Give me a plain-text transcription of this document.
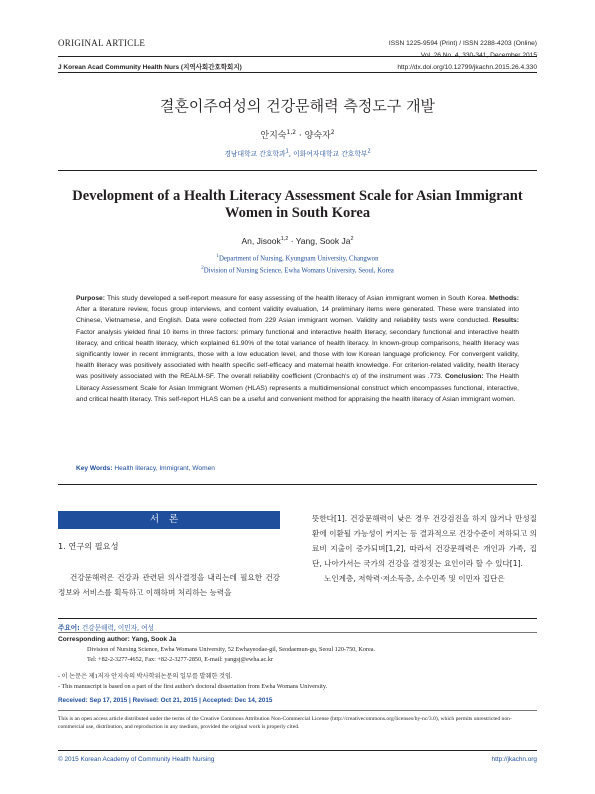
ORIGINAL ARTICLE
J Korean Acad Community Health Nurs (지역사회간호학회지)
ISSN 1225-9594 (Print) / ISSN 2288-4203 (Online)
Vol. 26 No. 4, 330-341, December 2015
http://dx.doi.org/10.12799/jkachn.2015.26.4.330
결혼이주여성의 건강문해력 측정도구 개발
안지숙$^{1,2}$ · 양숙자$^2$
경남대학교 간호학과$^1$, 이화여자대학교 간호학부$^2$
Development of a Health Literacy Assessment Scale for Asian Immigrant Women in South Korea
An, Jisook$^{1,2}$ · Yang, Sook Ja$^2$
$^1$Department of Nursing, Kyungnam University, Changwon
$^2$Division of Nursing Science, Ewha Womans University, Seoul, Korea
Purpose: This study developed a self-report measure for easy assessing of the health literacy of Asian immigrant women in South Korea. Methods: After a literature review, focus group interviews, and content validity evaluation, 14 preliminary items were generated. These were translated into Chinese, Vietnamese, and English. Data were collected from 229 Asian immigrant women. Validity and reliability tests were conducted. Results: Factor analysis yielded final 10 items in three factors: primary functional and interactive health literacy, secondary functional and interactive health literacy, and critical health literacy, which explained 61.90% of the total variance of health literacy. In known-group comparisons, health literacy was significantly lower in recent immigrants, those with a low education level, and those with low Korean language proficiency. For convergent validity, health literacy was positively associated with health specific self-efficacy and maternal health knowledge. For criterion-related validity, health literacy was positively associated with the REALM-SF. The overall reliability coefficient (Cronbach's α) of the instrument was .773. Conclusion: The Health Literacy Assessment Scale for Asian Immigrant Women (HLAS) represents a multidimensional construct which encompasses functional, interactive, and critical health literacy. This self-report HLAS can be a useful and convenient method for appraising the health literacy of Asian immigrant women.
Key Words: Health literacy, Immigrant, Women
서론
1. 연구의 필요성

건강문해력은 건강과 관련된 의사결정을 내리는데 필요한 건강정보와 서비스를 획득하고 이해하며 처리하는 능력을

뜻한다[1]. 건강문해력이 낮은 경우 건강검진을 하지 않거나 만성질환에 이환될 가능성이 커지는 등 결과적으로 건강수준이 저하되고 의료비 지출이 증가되며[1,2], 따라서 건강문해력은 개인과 가족, 집단, 나아가서는 국가의 건강을 결정짓는 요인이라 할 수 있다[1].

노인계층, 저학력·저소득층, 소수민족 및 이민자 집단은

주요어: 건강문해력, 이민자, 여성
Corresponding author: Yang, Sook Ja
Division of Nursing Science, Ewha Womans University, 52 Ewhayeodae-gil, Seodaemun-gu, Seoul 120-750, Korea.
Tel: +82-2-3277-4652, Fax: +82-2-3277-2850, E-mail: yangsj@ewha.ac.kr
- 이 논문은 제1저자 안지숙의 박사학위논문의 일부를 발췌한 것임.
- This manuscript is based on a part of the first author's doctoral dissertation from Ewha Womans University.
Received: Sep 17, 2015 | Revised: Oct 21, 2015 | Accepted: Dec 14, 2015
This is an open access article distributed under the terms of the Creative Commons Attribution Non-Commercial License (http://creativecommons.org/licenses/by-nc/3.0), which permits unrestricted non-commercial use, distribution, and reproduction in any medium, provided the original work is properly cited.
© 2015 Korean Academy of Community Health Nursing	http://jkachn.org
